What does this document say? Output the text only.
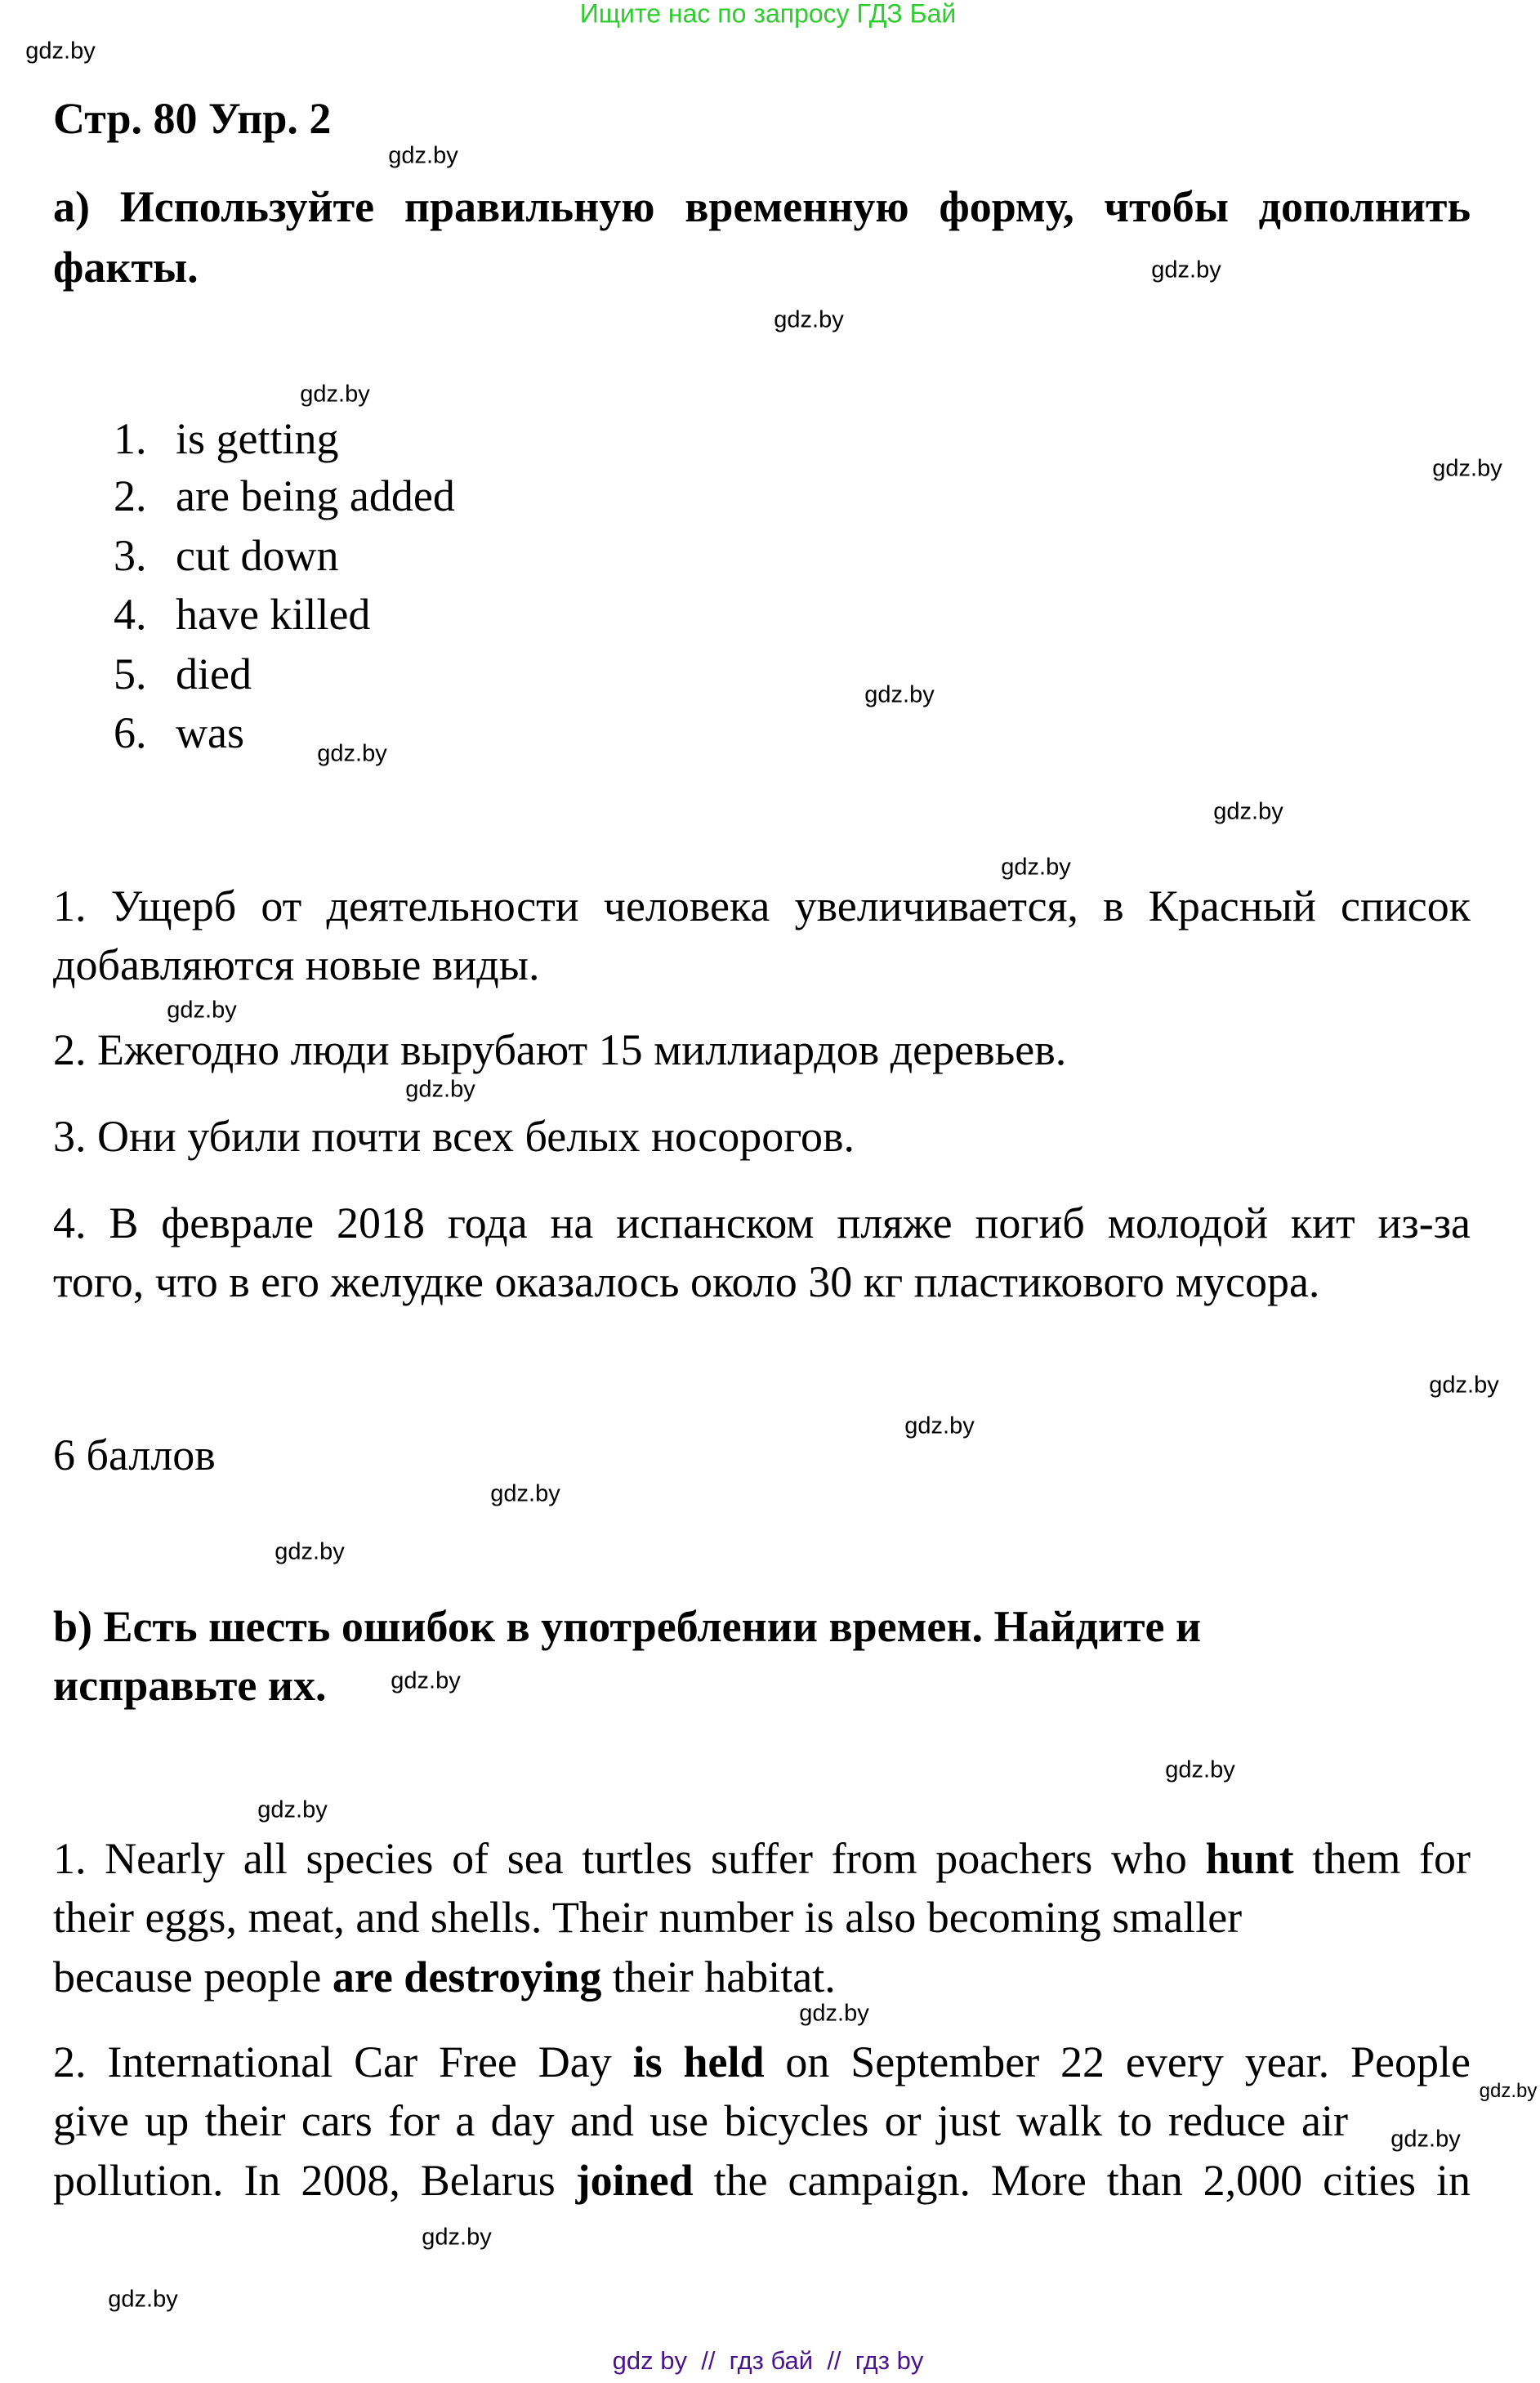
Ищите нас по запросу ГДЗ Бай
Стр. 80 Упр. 2
а) Используйте правильную временную форму, чтобы дополнить
факты.
1. is getting
2. are being added
3. cut down
4. have killed
5. died
6. was
1. Ущерб от деятельности человека увеличивается, в Красный список
добавляются новые виды.
2. Ежегодно люди вырубают 15 миллиардов деревьев.
3. Они убили почти всех белых носорогов.
4. В феврале 2018 года на испанском пляже погиб молодой кит из-за
того, что в его желудке оказалось около 30 кг пластикового мусора.
6 баллов
b) Есть шесть ошибок в употреблении времен. Найдите и
исправьте их.
1. Nearly all species of sea turtles suffer from poachers who hunt them for
their eggs, meat, and shells. Their number is also becoming smaller
because people are destroying their habitat.
2. International Car Free Day is held on September 22 every year. People
give up their cars for a day and use bicycles or just walk to reduce air
pollution. In 2008, Belarus joined the campaign. More than 2,000 cities in
gdz.by
gdz.by
gdz.by
gdz.by
gdz.by
gdz.by
gdz.by
gdz.by
gdz.by
gdz.by
gdz.by
gdz.by
gdz.by
gdz.by
gdz.by
gdz.by
gdz.by
gdz.by
gdz.by
gdz.by
gdz.by
gdz.by
gdz.by
gdz.by
gdz by  //  гдз бай  //  гдз by
